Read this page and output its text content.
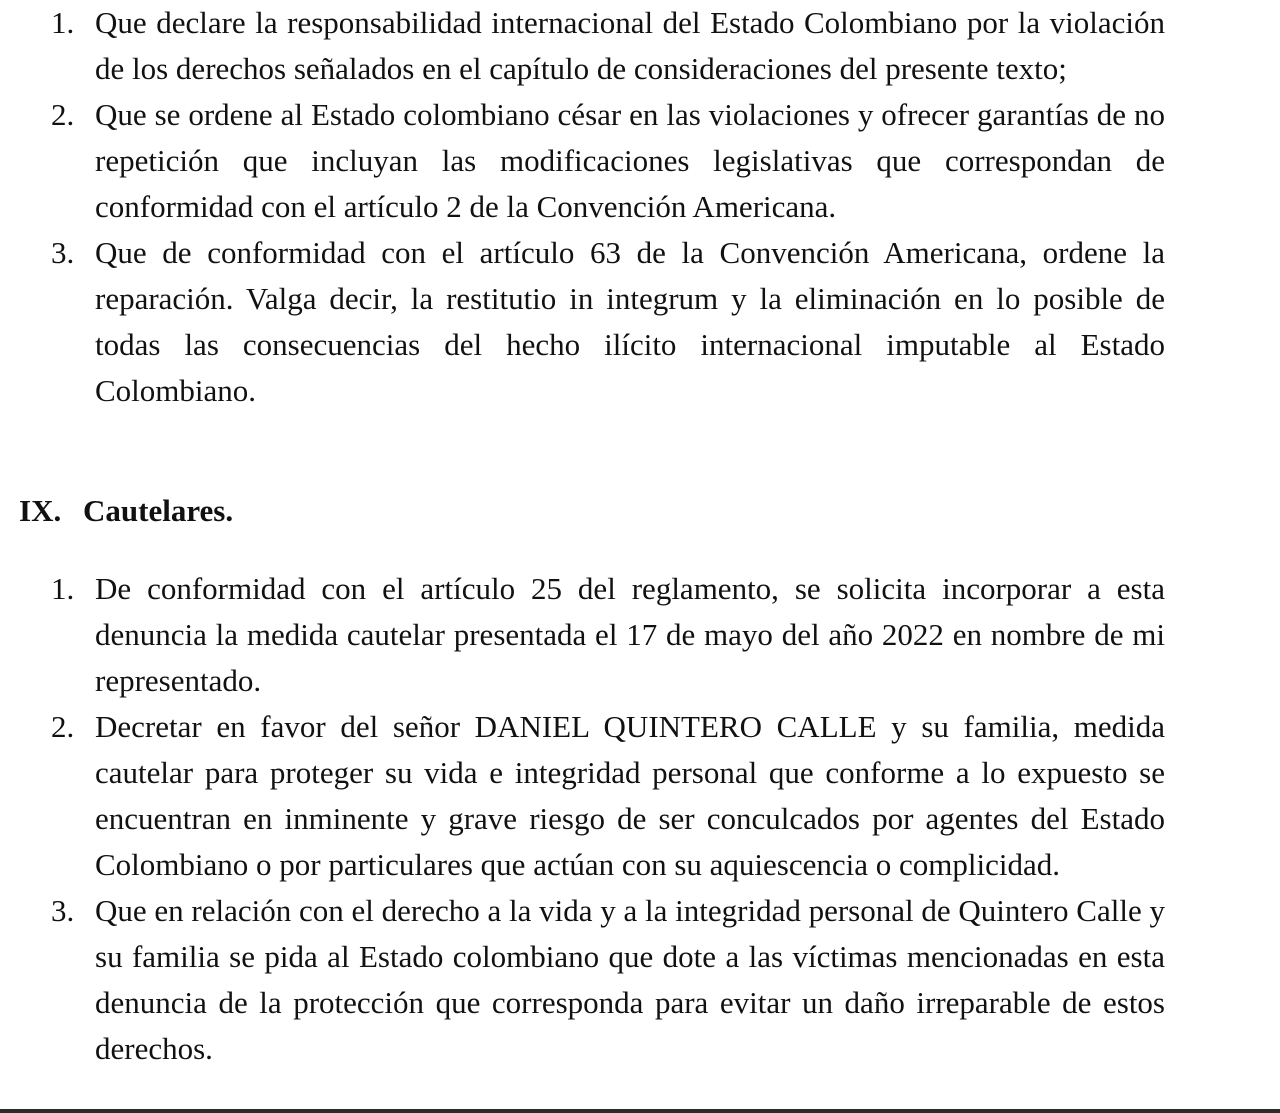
1. Que declare la responsabilidad internacional del Estado Colombiano por la violación de los derechos señalados en el capítulo de consideraciones del presente texto;
2. Que se ordene al Estado colombiano césar en las violaciones y ofrecer garantías de no repetición que incluyan las modificaciones legislativas que correspondan de conformidad con el artículo 2 de la Convención Americana.
3. Que de conformidad con el artículo 63 de la Convención Americana, ordene la reparación. Valga decir, la restitutio in integrum y la eliminación en lo posible de todas las consecuencias del hecho ilícito internacional imputable al Estado Colombiano.
IX. Cautelares.
1. De conformidad con el artículo 25 del reglamento, se solicita incorporar a esta denuncia la medida cautelar presentada el 17 de mayo del año 2022 en nombre de mi representado.
2. Decretar en favor del señor DANIEL QUINTERO CALLE y su familia, medida cautelar para proteger su vida e integridad personal que conforme a lo expuesto se encuentran en inminente y grave riesgo de ser conculcados por agentes del Estado Colombiano o por particulares que actúan con su aquiescencia o complicidad.
3. Que en relación con el derecho a la vida y a la integridad personal de Quintero Calle y su familia se pida al Estado colombiano que dote a las víctimas mencionadas en esta denuncia de la protección que corresponda para evitar un daño irreparable de estos derechos.
